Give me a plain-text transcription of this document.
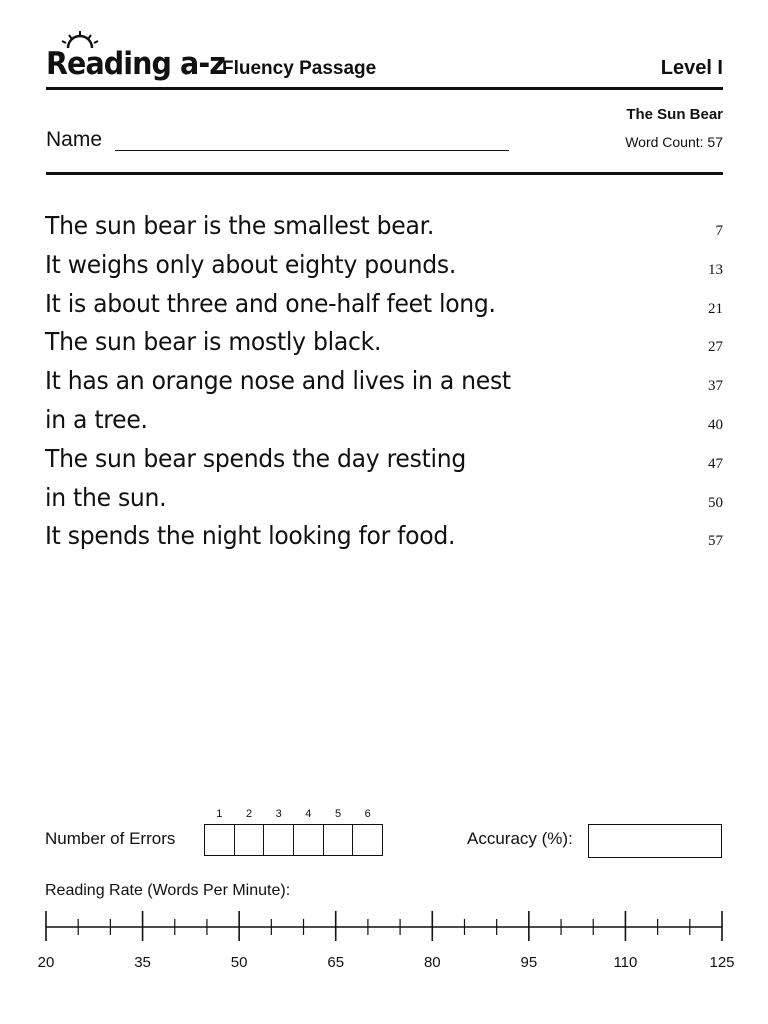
Reading a-z
Fluency Passage	Level I
Name
The Sun Bear
Word Count: 57
The sun bear is the smallest bear.	7
It weighs only about eighty pounds.	13
It is about three and one-half feet long.	21
The sun bear is mostly black.	27
It has an orange nose and lives in a nest	37
in a tree.	40
The sun bear spends the day resting	47
in the sun.	50
It spends the night looking for food.	57
Number of Errors
1	2	3	4	5	6
Accuracy (%):
Reading Rate (Words Per Minute):
20	35	50	65	80	95	110	125
